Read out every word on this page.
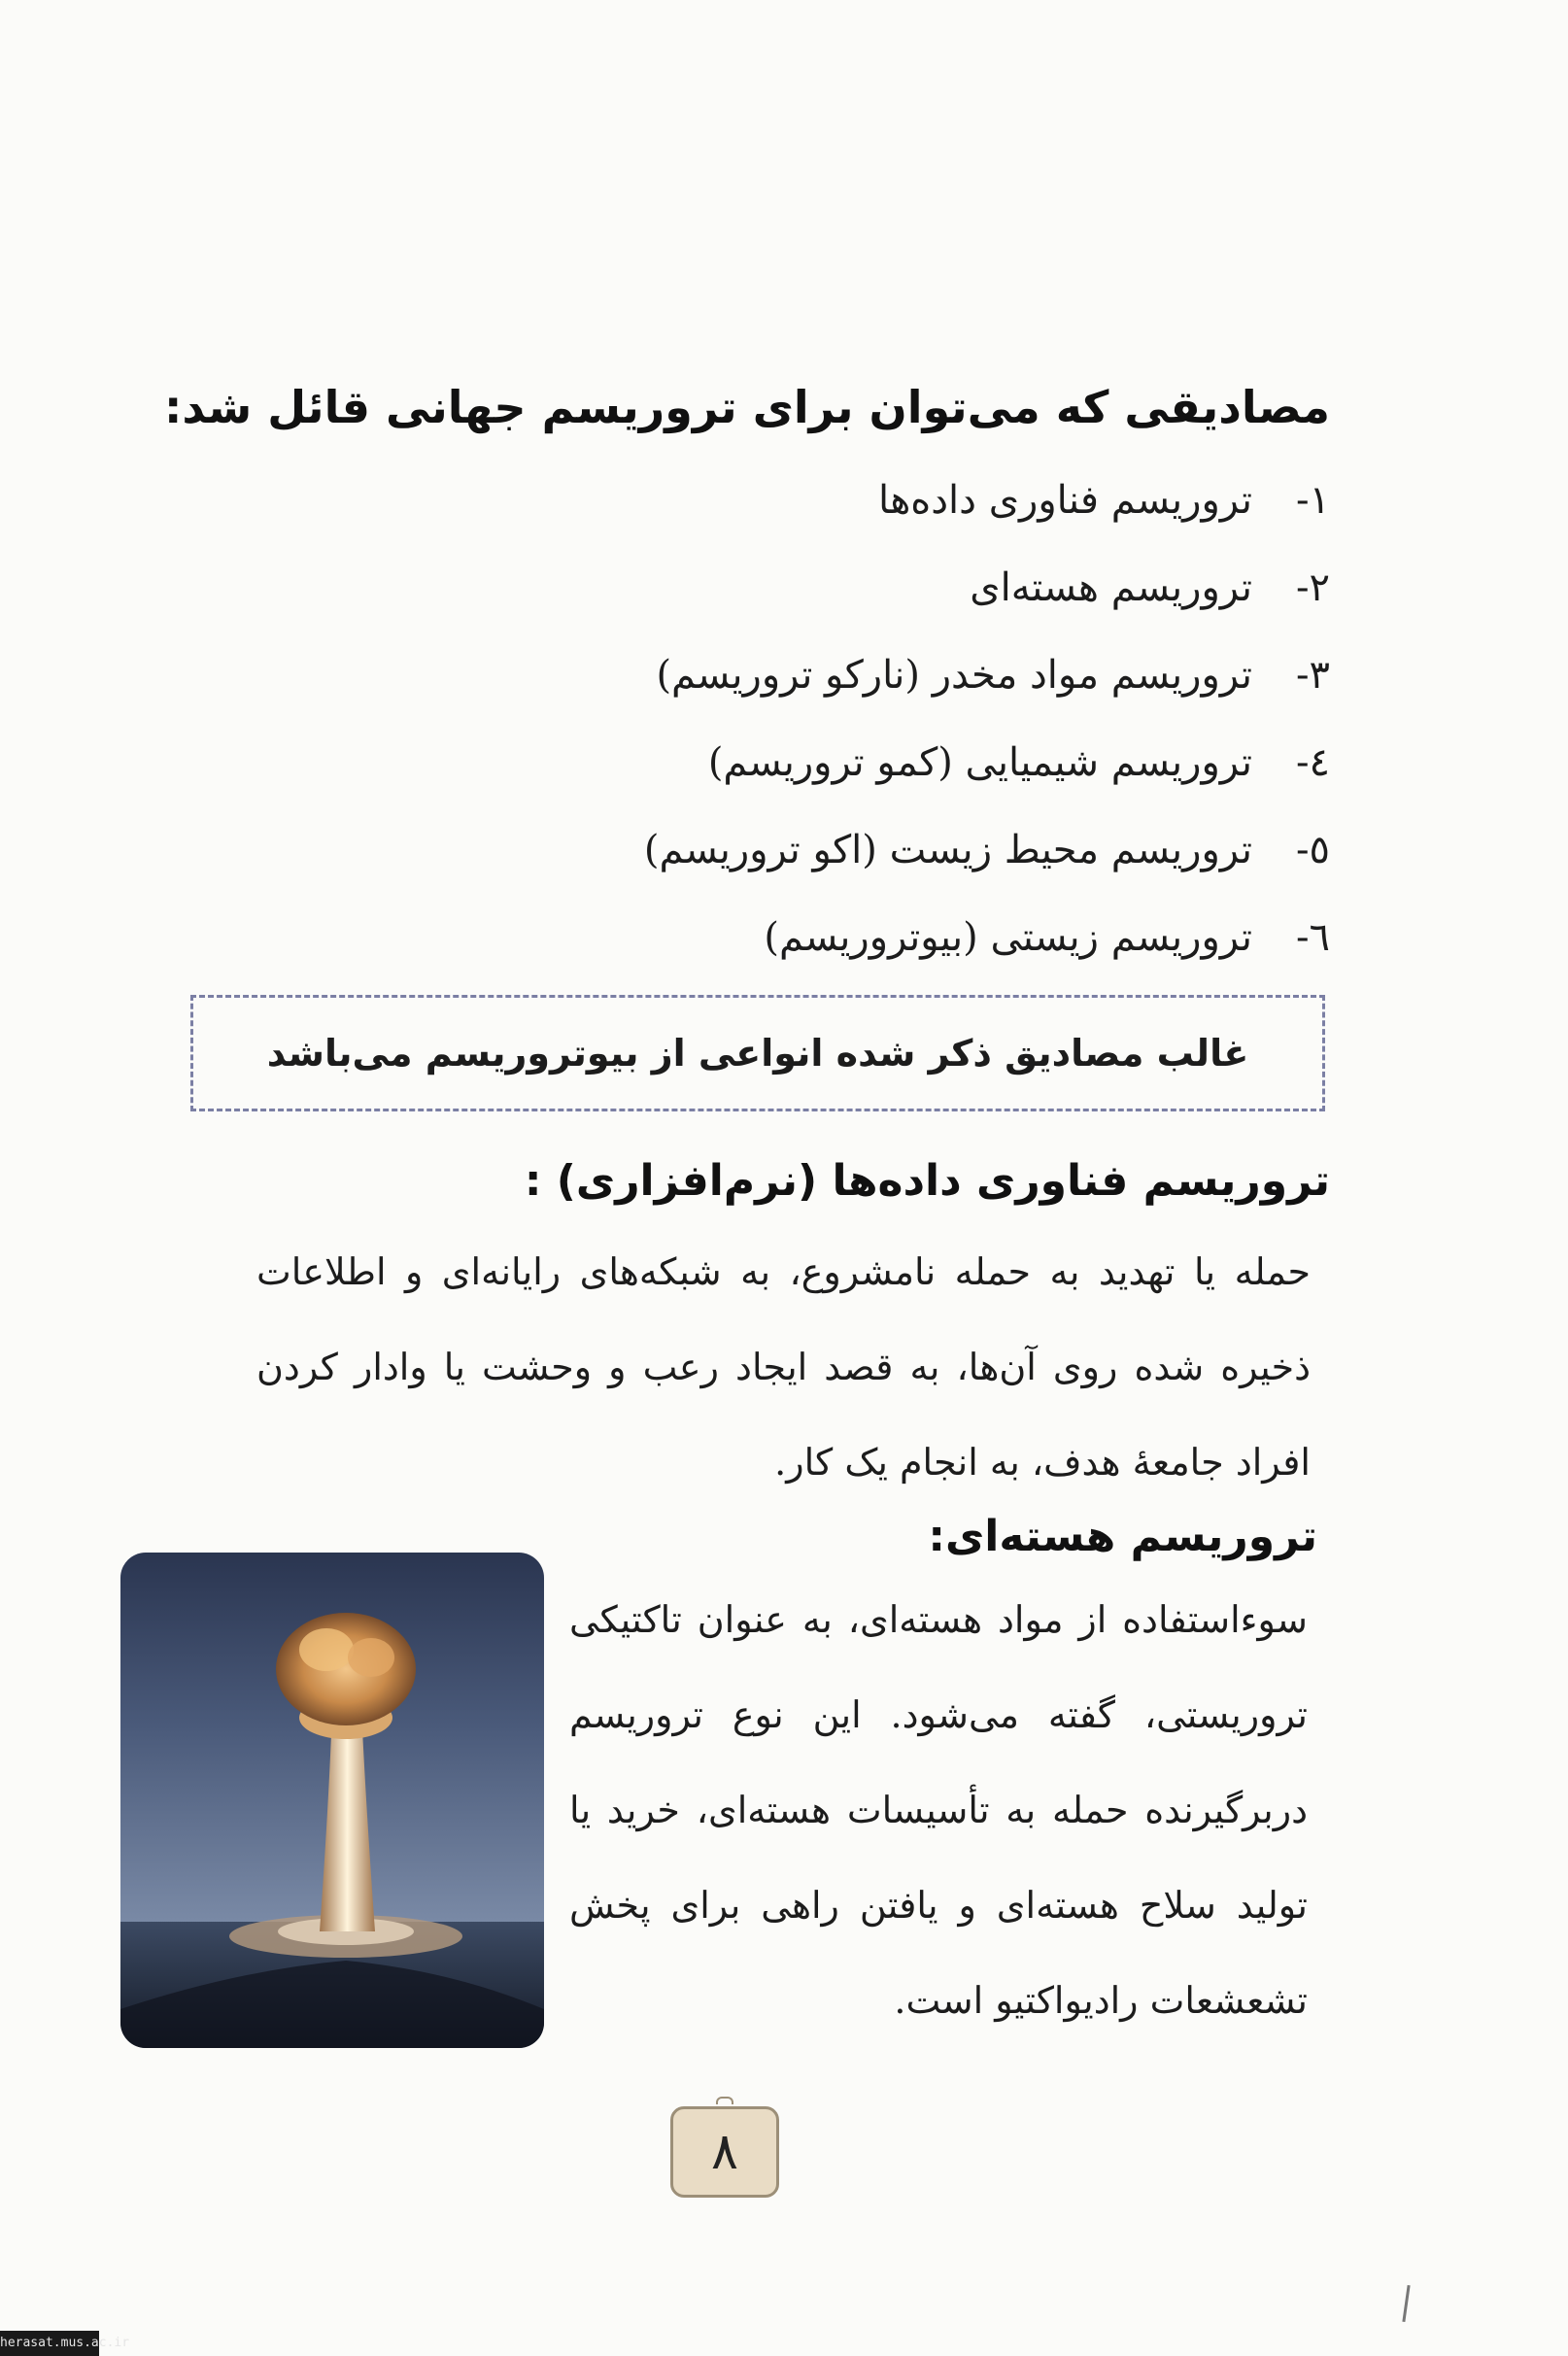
مصادیقی که می‌توان برای تروریسم جهانی قائل شد:
۱-تروریسم فناوری داده‌ها
۲-تروریسم هسته‌ای
۳-تروریسم مواد مخدر (نارکو تروریسم)
٤-تروریسم شیمیایی (کمو تروریسم)
٥-تروریسم محیط زیست (اکو تروریسم)
٦-تروریسم زیستی (بیوتروریسم)
غالب مصادیق ذکر شده انواعی از بیوتروریسم می‌باشد
تروریسم فناوری داده‌ها (نرم‌افزاری) :
حمله یا تهدید به حمله نامشروع، به شبکه‌های رایانه‌ای و اطلاعات ذخیره شده روی آن‌ها، به قصد ایجاد رعب و وحشت یا وادار کردن افراد جامعهٔ هدف، به انجام یک کار.
تروریسم هسته‌ای:
سوءاستفاده از مواد هسته‌ای، به عنوان تاکتیکی تروریستی، گفته می‌شود. این نوع تروریسم دربرگیرنده حمله به تأسیسات هسته‌ای، خرید یا تولید سلاح هسته‌ای و یافتن راهی برای پخش تشعشعات رادیواکتیو است.
۸
herasat.mus.ac.ir
